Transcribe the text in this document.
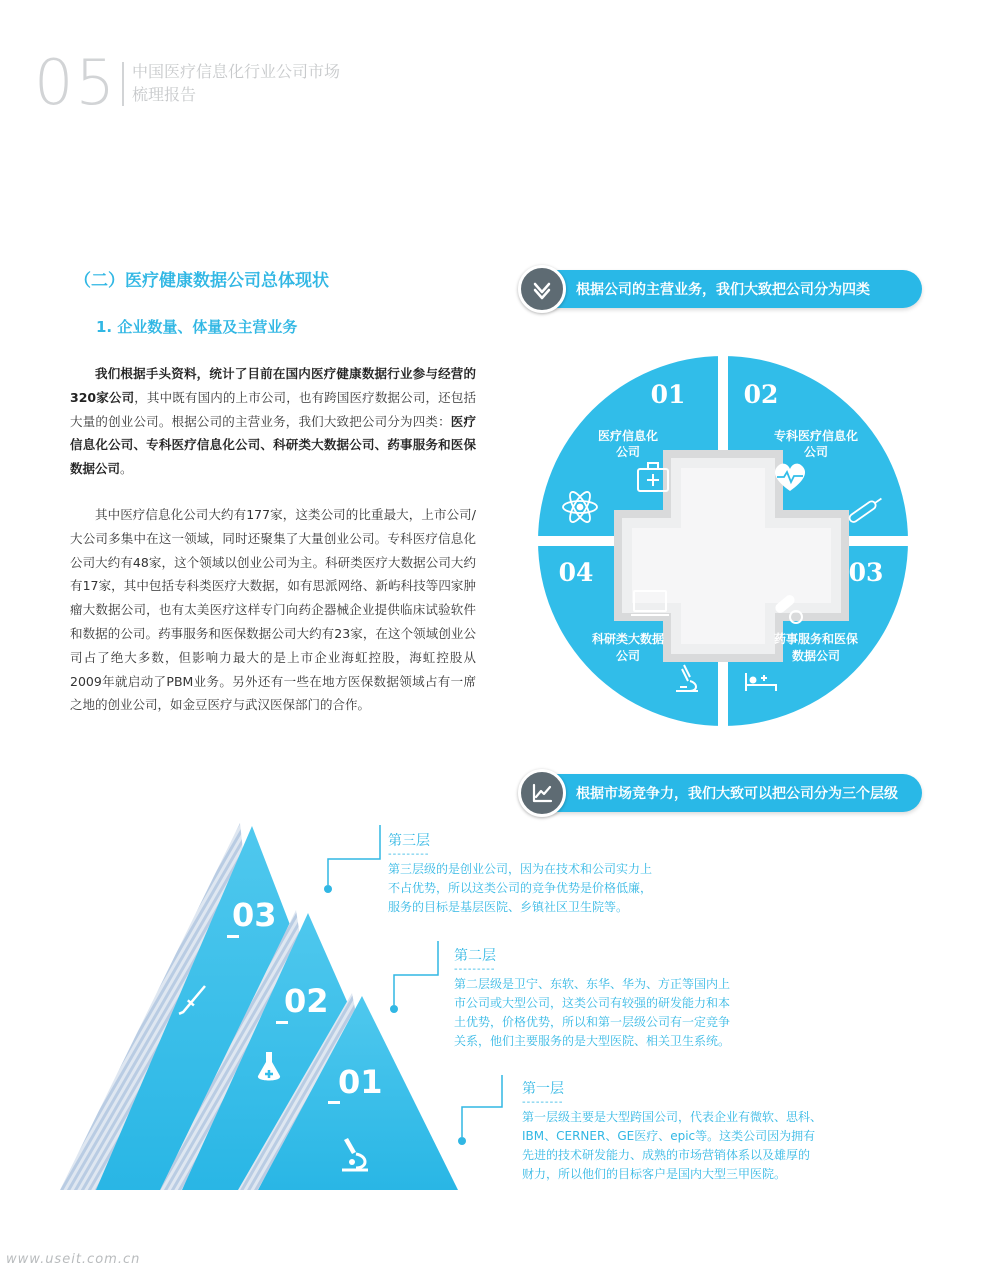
05 中国医疗信息化行业公司市场
梳理报告
（二）医疗健康数据公司总体现状
1. 企业数量、体量及主营业务
我们根据手头资料，统计了目前在国内医疗健康数据行业参与经营的320家公司，其中既有国内的上市公司，也有跨国医疗数据公司，还包括大量的创业公司。根据公司的主营业务，我们大致把公司分为四类：医疗信息化公司、专科医疗信息化公司、科研类大数据公司、药事服务和医保数据公司。
其中医疗信息化公司大约有177家，这类公司的比重最大，上市公司/大公司多集中在这一领域，同时还聚集了大量创业公司。专科医疗信息化公司大约有48家，这个领域以创业公司为主。科研类医疗大数据公司大约有17家，其中包括专科类医疗大数据，如有思派网络、新屿科技等四家肿瘤大数据公司，也有太美医疗这样专门向药企器械企业提供临床试验软件和数据的公司。药事服务和医保数据公司大约有23家，在这个领域创业公司占了绝大多数，但影响力最大的是上市企业海虹控股，海虹控股从2009年就启动了PBM业务。另外还有一些在地方医保数据领域占有一席之地的创业公司，如金豆医疗与武汉医保部门的合作。
根据公司的主营业务，我们大致把公司分为四类
01 02
04	03
医疗信息化
公司
专科医疗信息化
公司
科研类大数据
公司
药事服务和医保
数据公司
根据市场竞争力，我们大致可以把公司分为三个层级
03
02
01
第三层
---------
第三层级的是创业公司，因为在技术和公司实力上
不占优势，所以这类公司的竞争优势是价格低廉，
服务的目标是基层医院、乡镇社区卫生院等。
第二层
---------
第二层级是卫宁、东软、东华、华为、方正等国内上
市公司或大型公司，这类公司有较强的研发能力和本
土优势，价格优势，所以和第一层级公司有一定竞争
关系，他们主要服务的是大型医院、相关卫生系统。
第一层
---------
第一层级主要是大型跨国公司，代表企业有微软、思科、
IBM、CERNER、GE医疗、epic等。这类公司因为拥有
先进的技术研发能力、成熟的市场营销体系以及雄厚的
财力，所以他们的目标客户是国内大型三甲医院。
www.useit.com.cn
